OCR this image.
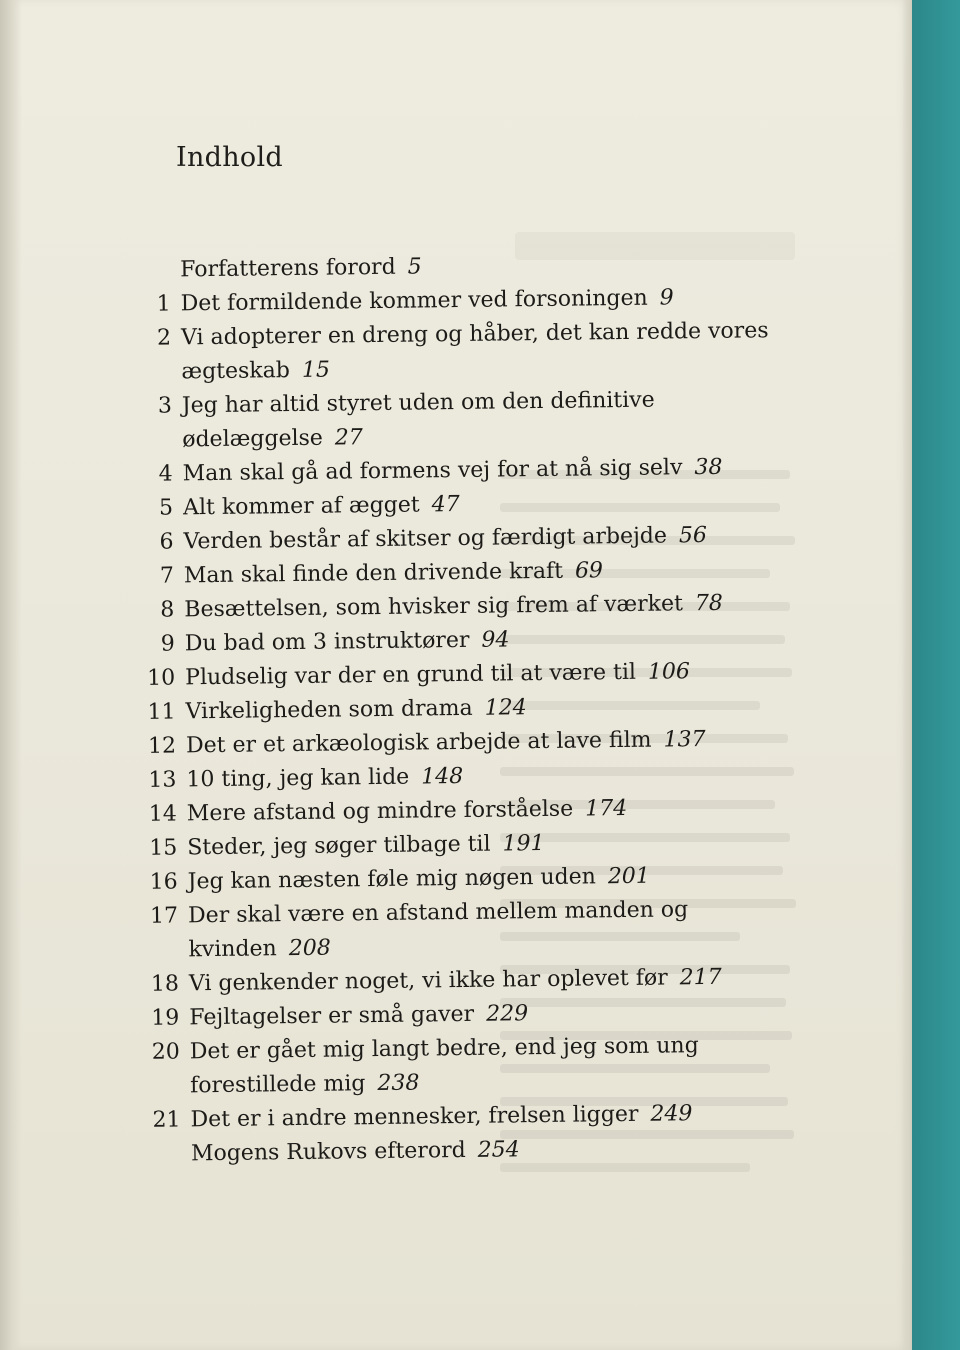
Indhold
Forfatterens forord 5
1 Det formildende kommer ved forsoningen 9
2 Vi adopterer en dreng og håber, det kan redde vores ægteskab 15
3 Jeg har altid styret uden om den definitive ødelæggelse 27
4 Man skal gå ad formens vej for at nå sig selv 38
5 Alt kommer af ægget 47
6 Verden består af skitser og færdigt arbejde 56
7 Man skal finde den drivende kraft 69
8 Besættelsen, som hvisker sig frem af værket 78
9 Du bad om 3 instruktører 94
10 Pludselig var der en grund til at være til 106
11 Virkeligheden som drama 124
12 Det er et arkæologisk arbejde at lave film 137
13 10 ting, jeg kan lide 148
14 Mere afstand og mindre forståelse 174
15 Steder, jeg søger tilbage til 191
16 Jeg kan næsten føle mig nøgen uden 201
17 Der skal være en afstand mellem manden og kvinden 208
18 Vi genkender noget, vi ikke har oplevet før 217
19 Fejltagelser er små gaver 229
20 Det er gået mig langt bedre, end jeg som ung forestillede mig 238
21 Det er i andre mennesker, frelsen ligger 249
Mogens Rukovs efterord 254
